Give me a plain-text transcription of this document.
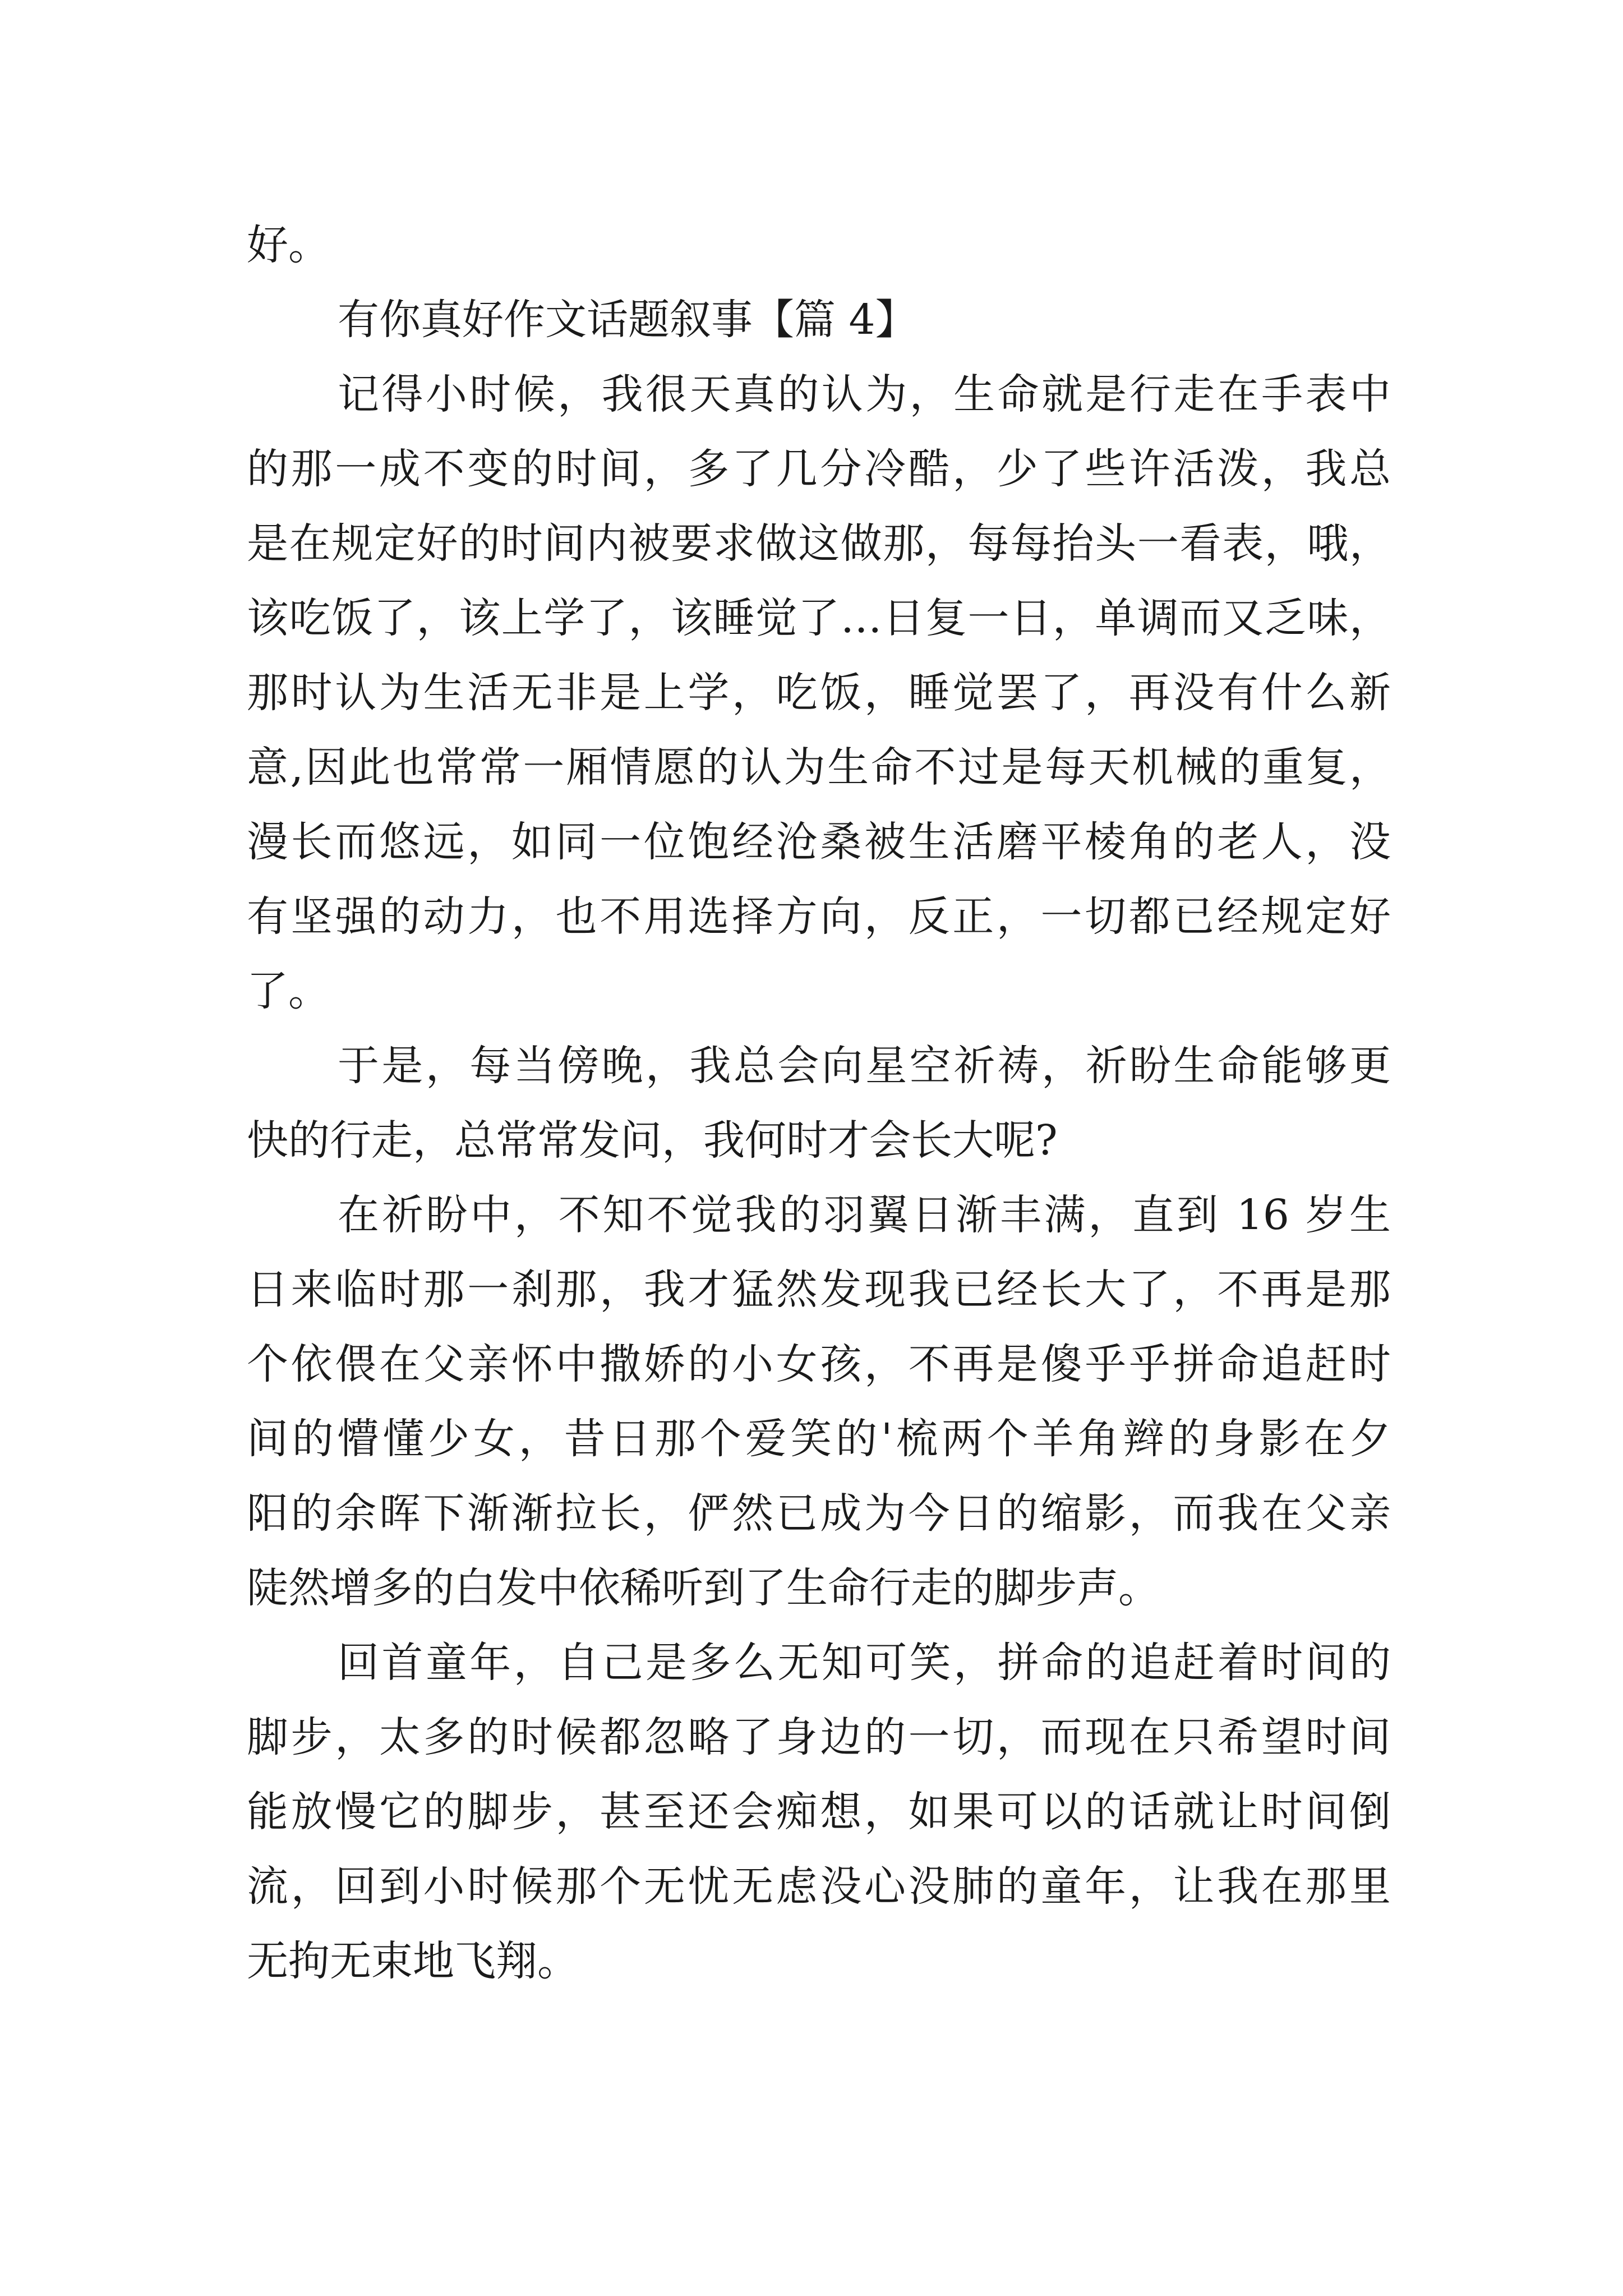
好。
有你真好作文话题叙事【篇 4】
记得小时候，我很天真的认为，生命就是行走在手表中
的那一成不变的时间，多了几分冷酷，少了些许活泼，我总
是在规定好的时间内被要求做这做那，每每抬头一看表，哦，
该吃饭了，该上学了，该睡觉了…日复一日，单调而又乏味，
那时认为生活无非是上学，吃饭，睡觉罢了，再没有什么新
意,因此也常常一厢情愿的认为生命不过是每天机械的重复，
漫长而悠远，如同一位饱经沧桑被生活磨平棱角的老人，没
有坚强的动力，也不用选择方向，反正，一切都已经规定好
了。
于是，每当傍晚，我总会向星空祈祷，祈盼生命能够更
快的行走，总常常发问，我何时才会长大呢?
在祈盼中，不知不觉我的羽翼日渐丰满，直到 16 岁生
日来临时那一刹那，我才猛然发现我已经长大了，不再是那
个依偎在父亲怀中撒娇的小女孩，不再是傻乎乎拼命追赶时
间的懵懂少女，昔日那个爱笑的'梳两个羊角辫的身影在夕
阳的余晖下渐渐拉长，俨然已成为今日的缩影，而我在父亲
陡然增多的白发中依稀听到了生命行走的脚步声。
回首童年，自己是多么无知可笑，拼命的追赶着时间的
脚步，太多的时候都忽略了身边的一切，而现在只希望时间
能放慢它的脚步，甚至还会痴想，如果可以的话就让时间倒
流，回到小时候那个无忧无虑没心没肺的童年，让我在那里
无拘无束地飞翔。
